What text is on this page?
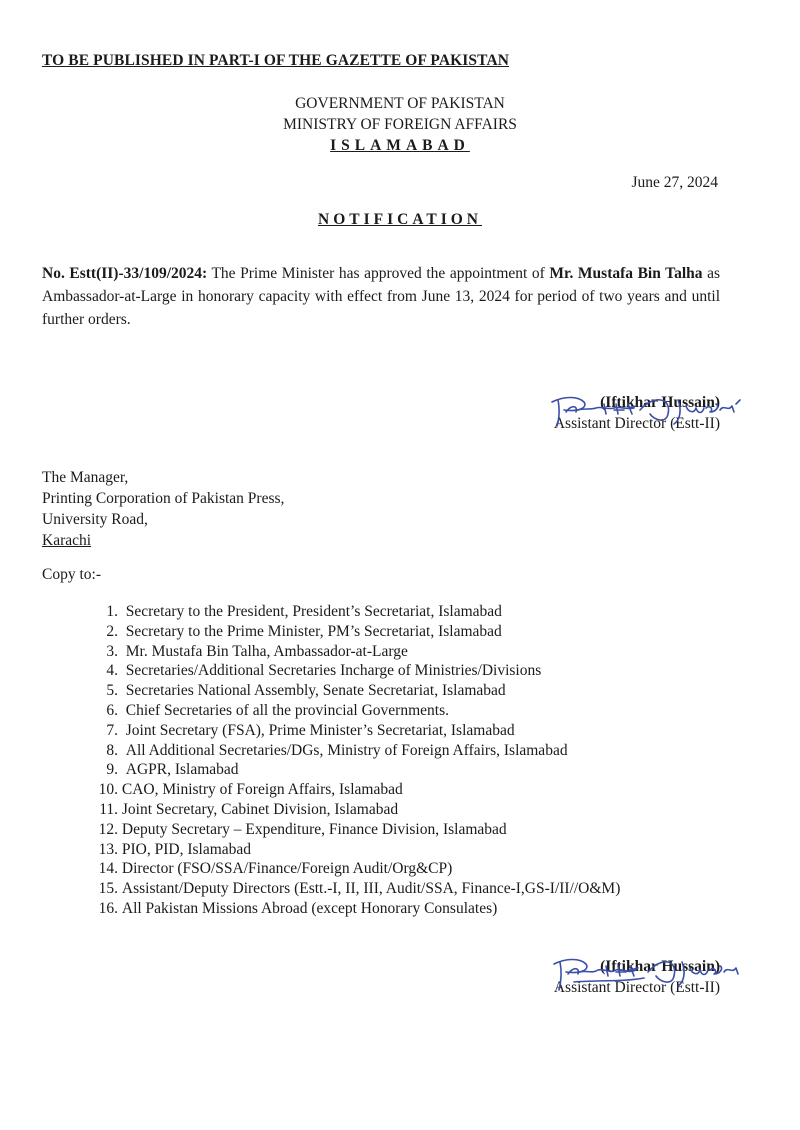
TO BE PUBLISHED IN PART-I OF THE GAZETTE OF PAKISTAN
GOVERNMENT OF PAKISTAN
MINISTRY OF FOREIGN AFFAIRS
ISLAMABAD
June 27, 2024
NOTIFICATION
No. Estt(II)-33/109/2024: The Prime Minister has approved the appointment of Mr. Mustafa Bin Talha as Ambassador-at-Large in honorary capacity with effect from June 13, 2024 for period of two years and until further orders.
(Iftikhar Hussain)
Assistant Director (Estt-II)
The Manager,
Printing Corporation of Pakistan Press,
University Road,
Karachi
Copy to:-
1.
Secretary to the President, President’s Secretariat, Islamabad
2.
Secretary to the Prime Minister, PM’s Secretariat, Islamabad
3.
Mr. Mustafa Bin Talha, Ambassador-at-Large
4.
Secretaries/Additional Secretaries Incharge of Ministries/Divisions
5.
Secretaries National Assembly, Senate Secretariat, Islamabad
6.
Chief Secretaries of all the provincial Governments.
7.
Joint Secretary (FSA), Prime Minister’s Secretariat, Islamabad
8.
All Additional Secretaries/DGs, Ministry of Foreign Affairs, Islamabad
9.
AGPR, Islamabad
10.
CAO, Ministry of Foreign Affairs, Islamabad
11.
Joint Secretary, Cabinet Division, Islamabad
12.
Deputy Secretary – Expenditure, Finance Division, Islamabad
13.
PIO, PID, Islamabad
14.
Director (FSO/SSA/Finance/Foreign Audit/Org&CP)
15.
Assistant/Deputy Directors (Estt.-I, II, III, Audit/SSA, Finance-I,GS-I/II//O&M)
16.
All Pakistan Missions Abroad (except Honorary Consulates)
(Iftikhar Hussain)
Assistant Director (Estt-II)
